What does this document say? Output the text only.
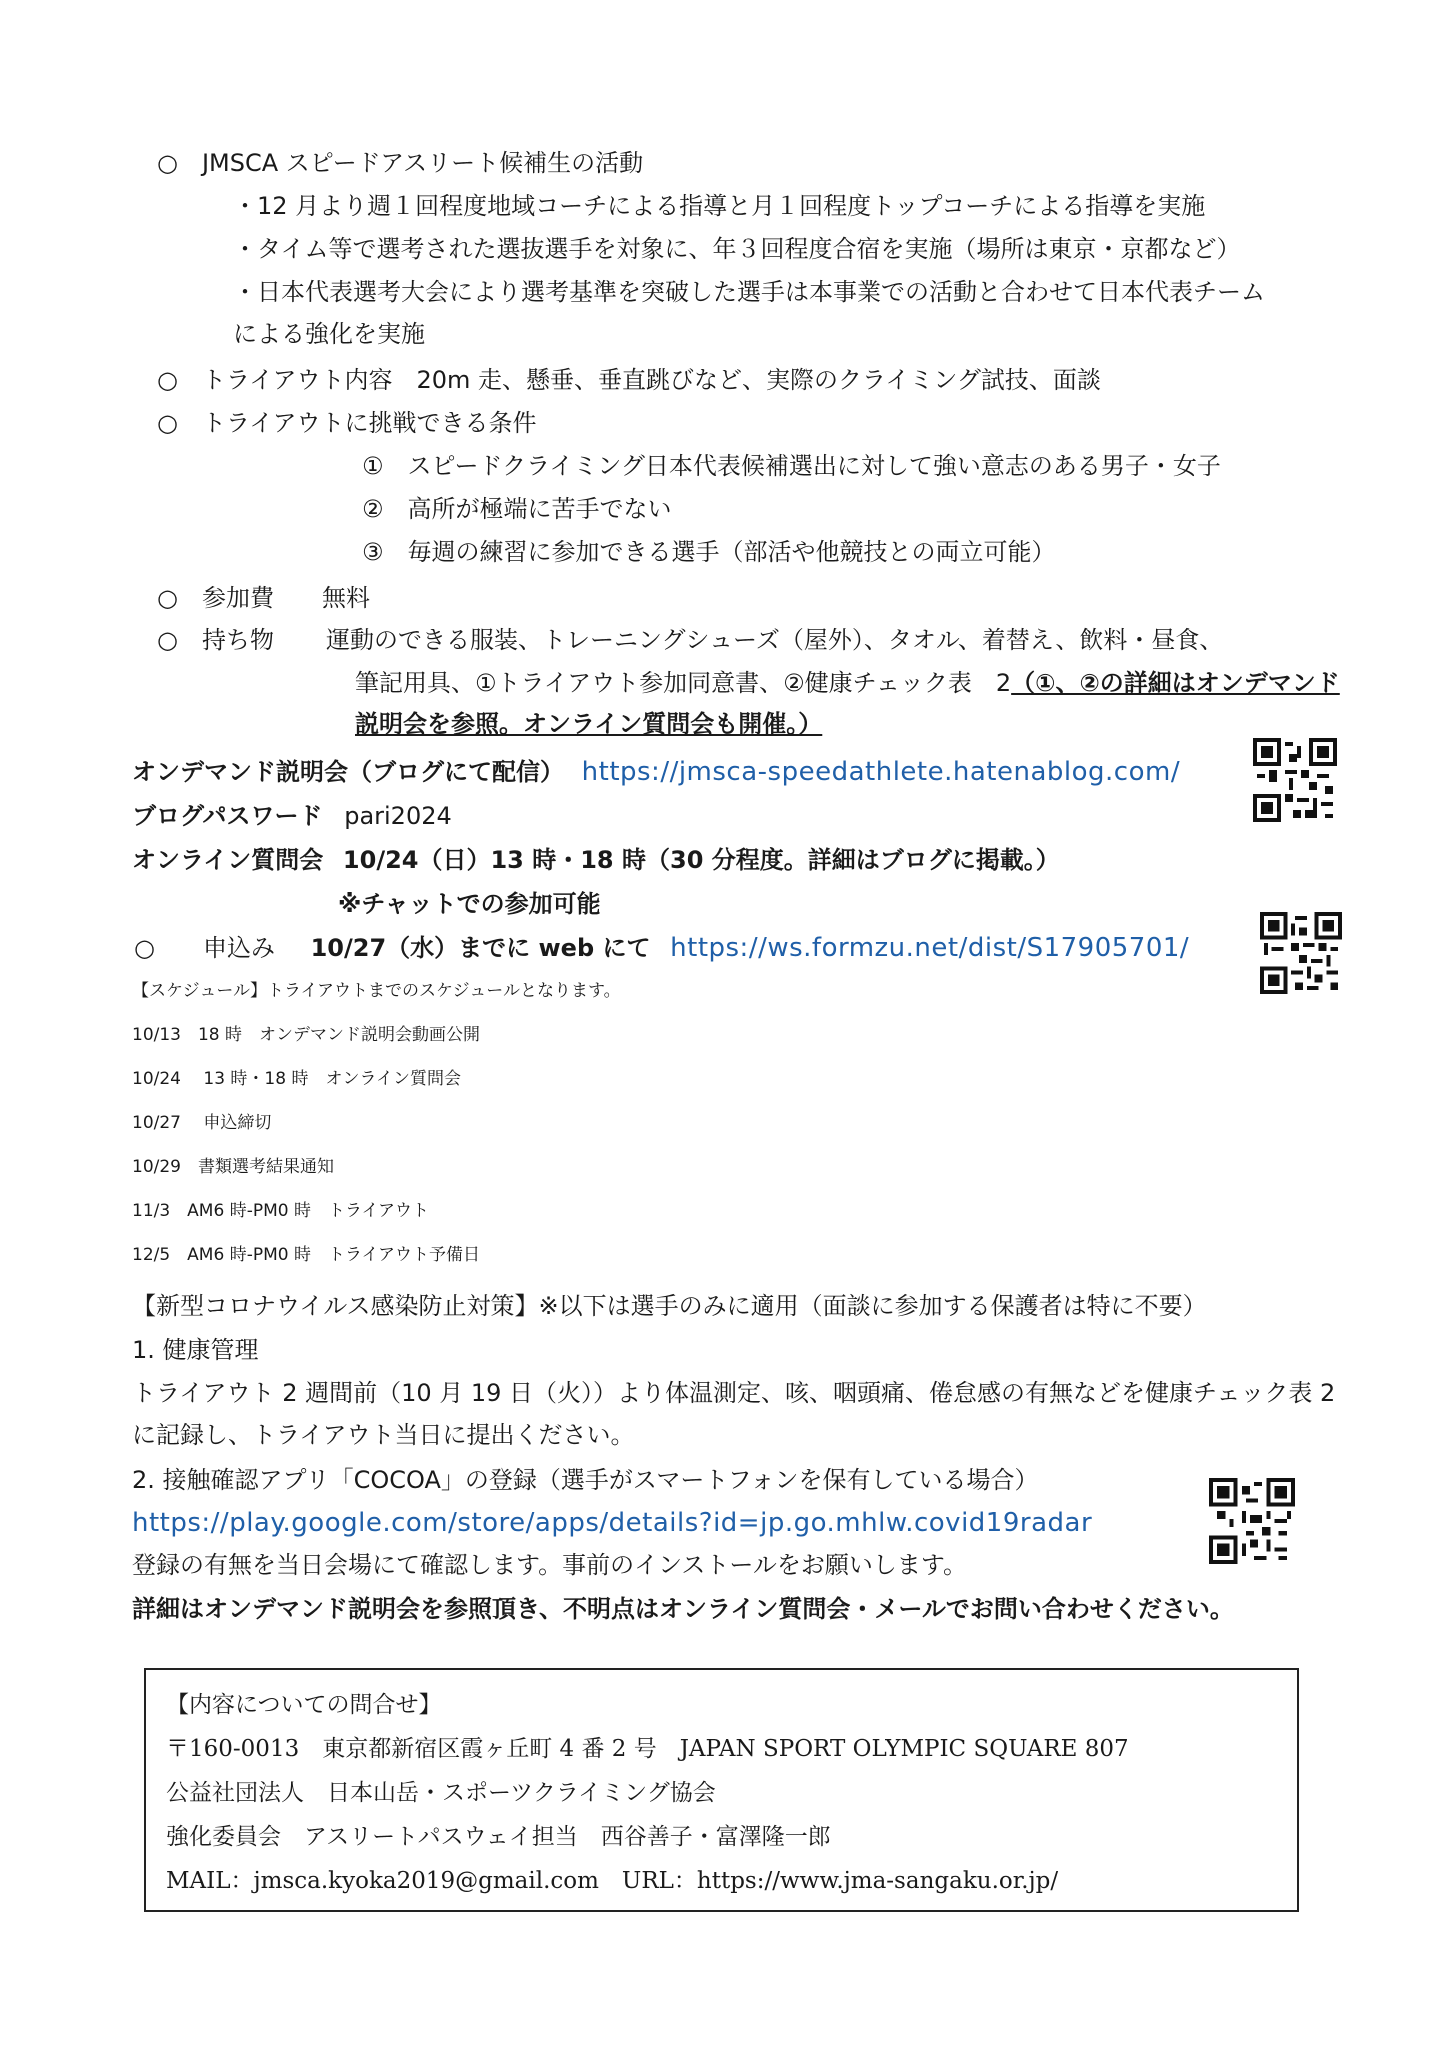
○　JMSCA スピードアスリート候補生の活動
・12 月より週１回程度地域コーチによる指導と月１回程度トップコーチによる指導を実施
・タイム等で選考された選抜選手を対象に、年３回程度合宿を実施（場所は東京・京都など）
・日本代表選考大会により選考基準を突破した選手は本事業での活動と合わせて日本代表チーム
による強化を実施
○　トライアウト内容　20m 走、懸垂、垂直跳びなど、実際のクライミング試技、面談
○　トライアウトに挑戦できる条件
①　スピードクライミング日本代表候補選出に対して強い意志のある男子・女子
②　高所が極端に苦手でない
③　毎週の練習に参加できる選手（部活や他競技との両立可能）
○　参加費　　無料
○　持ち物 運動のできる服装、トレーニングシューズ（屋外）、タオル、着替え、飲料・昼食、
筆記用具、①トライアウト参加同意書、②健康チェック表　2（①、②の詳細はオンデマンド
説明会を参照。オンライン質問会も開催。）
オンデマンド説明会（ブログにて配信） https://jmsca-speedathlete.hatenablog.com/
ブログパスワード pari2024
オンライン質問会 10/24（日）13 時・18 時（30 分程度。詳細はブログに掲載。）
※チャットでの参加可能
○　　申込み 10/27（水）までに web にて https://ws.formzu.net/dist/S17905701/
【スケジュール】トライアウトまでのスケジュールとなります。
10/13　18 時　オンデマンド説明会動画公開
10/24　 13 時・18 時　オンライン質問会
10/27　 申込締切
10/29　書類選考結果通知
11/3　AM6 時-PM0 時　トライアウト
12/5　AM6 時-PM0 時　トライアウト予備日
【新型コロナウイルス感染防止対策】※以下は選手のみに適用（面談に参加する保護者は特に不要）
1. 健康管理
トライアウト 2 週間前（10 月 19 日（火））より体温測定、咳、咽頭痛、倦怠感の有無などを健康チェック表 2
に記録し、トライアウト当日に提出ください。
2. 接触確認アプリ「COCOA」の登録（選手がスマートフォンを保有している場合）
https://play.google.com/store/apps/details?id=jp.go.mhlw.covid19radar
登録の有無を当日会場にて確認します。事前のインストールをお願いします。
詳細はオンデマンド説明会を参照頂き、不明点はオンライン質問会・メールでお問い合わせください。
【内容についての問合せ】
〒160-0013　東京都新宿区霞ヶ丘町 4 番 2 号　JAPAN SPORT OLYMPIC SQUARE 807
公益社団法人　日本山岳・スポーツクライミング協会
強化委員会　アスリートパスウェイ担当　西谷善子・富澤隆一郎
MAIL：jmsca.kyoka2019@gmail.com　URL：https://www.jma-sangaku.or.jp/
